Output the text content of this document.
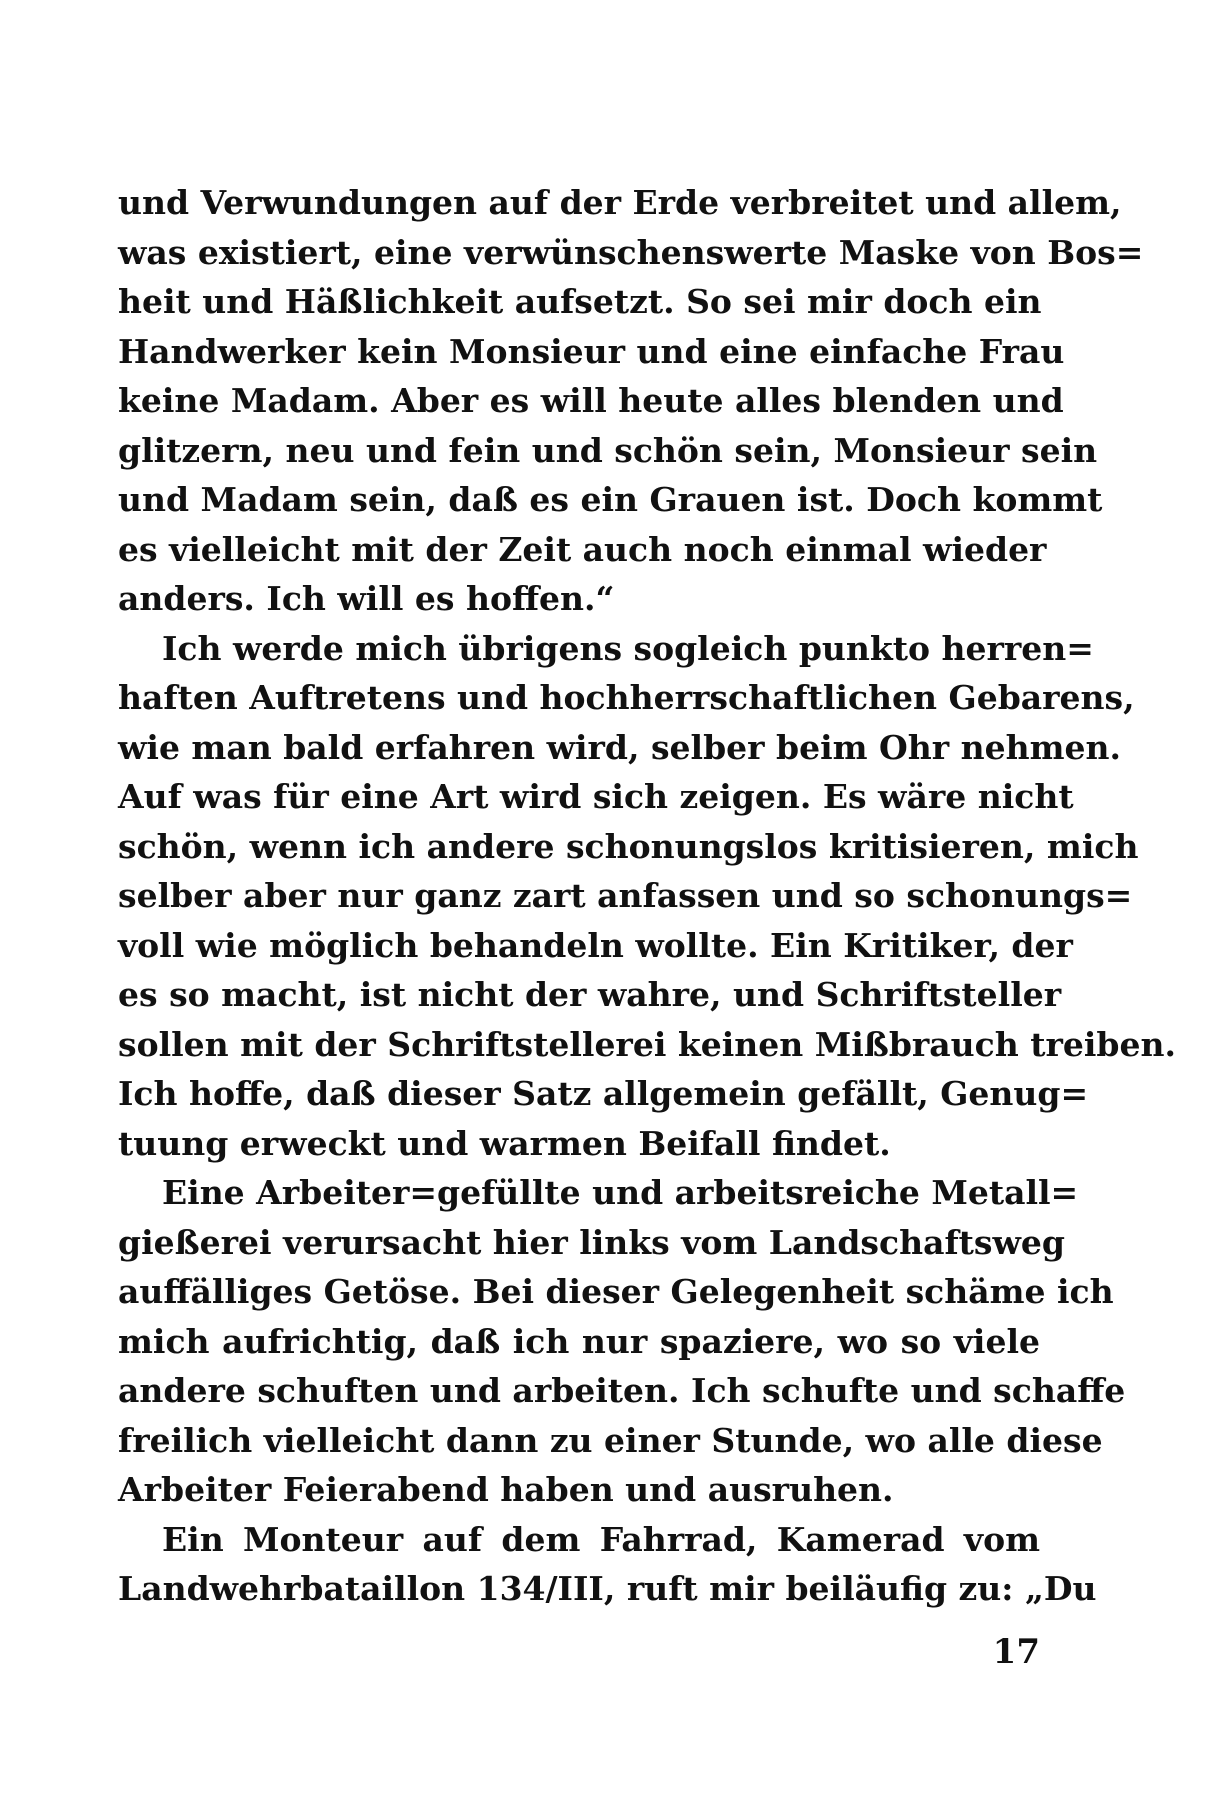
und Verwundungen auf der Erde verbreitet und allem,
was existiert, eine verwünschenswerte Maske von Bos=
heit und Häßlichkeit aufsetzt. So sei mir doch ein
Handwerker kein Monsieur und eine einfache Frau
keine Madam. Aber es will heute alles blenden und
glitzern, neu und fein und schön sein, Monsieur sein
und Madam sein, daß es ein Grauen ist. Doch kommt
es vielleicht mit der Zeit auch noch einmal wieder
anders. Ich will es hoffen.“
Ich werde mich übrigens sogleich punkto herren=
haften Auftretens und hochherrschaftlichen Gebarens,
wie man bald erfahren wird, selber beim Ohr nehmen.
Auf was für eine Art wird sich zeigen. Es wäre nicht
schön, wenn ich andere schonungslos kritisieren, mich
selber aber nur ganz zart anfassen und so schonungs=
voll wie möglich behandeln wollte. Ein Kritiker, der
es so macht, ist nicht der wahre, und Schriftsteller
sollen mit der Schriftstellerei keinen Mißbrauch treiben.
Ich hoffe, daß dieser Satz allgemein gefällt, Genug=
tuung erweckt und warmen Beifall findet.
Eine Arbeiter=gefüllte und arbeitsreiche Metall=
gießerei verursacht hier links vom Landschaftsweg
auffälliges Getöse. Bei dieser Gelegenheit schäme ich
mich aufrichtig, daß ich nur spaziere, wo so viele
andere schuften und arbeiten. Ich schufte und schaffe
freilich vielleicht dann zu einer Stunde, wo alle diese
Arbeiter Feierabend haben und ausruhen.
Ein Monteur auf dem Fahrrad, Kamerad vom
Landwehrbataillon 134/III, ruft mir beiläufig zu: „Du
17
